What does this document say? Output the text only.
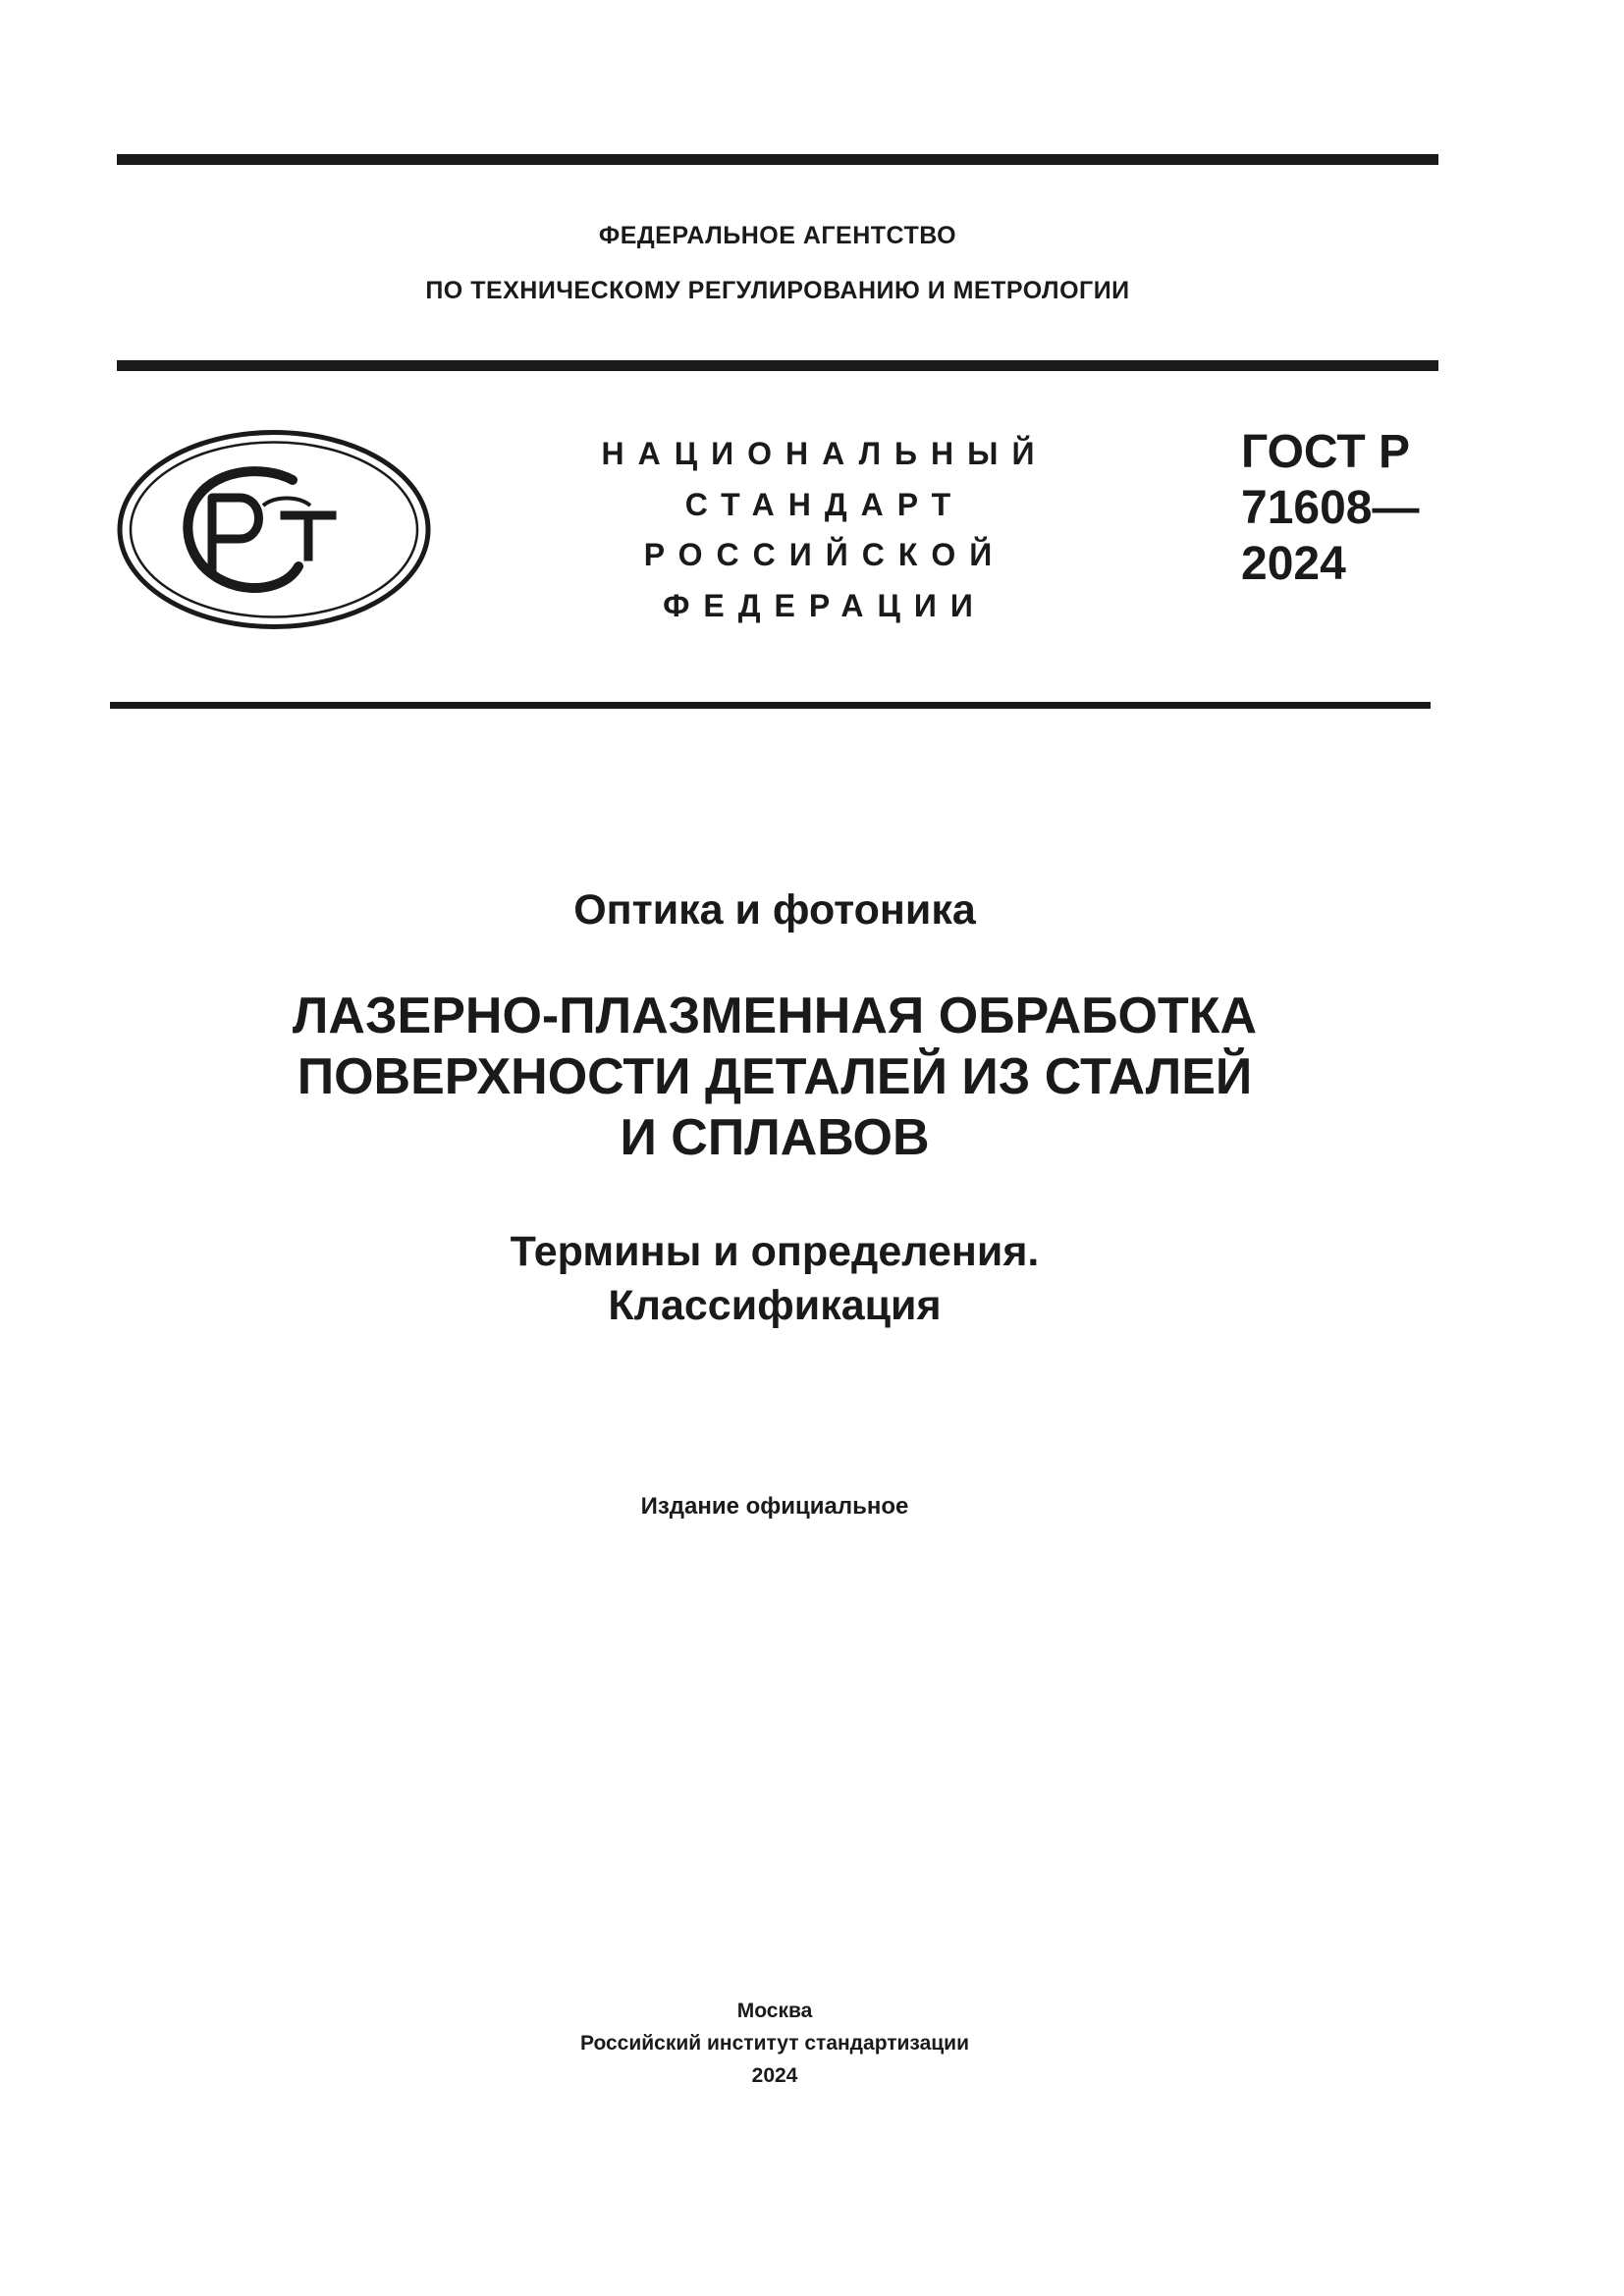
ФЕДЕРАЛЬНОЕ АГЕНТСТВО
ПО ТЕХНИЧЕСКОМУ РЕГУЛИРОВАНИЮ И МЕТРОЛОГИИ
НАЦИОНАЛЬНЫЙ
СТАНДАРТ
РОССИЙСКОЙ
ФЕДЕРАЦИИ
ГОСТ Р
71608—
2024
Оптика и фотоника
ЛАЗЕРНО-ПЛАЗМЕННАЯ ОБРАБОТКА
ПОВЕРХНОСТИ ДЕТАЛЕЙ ИЗ СТАЛЕЙ
И СПЛАВОВ
Термины и определения.
Классификация
Издание официальное
Москва
Российский институт стандартизации
2024
